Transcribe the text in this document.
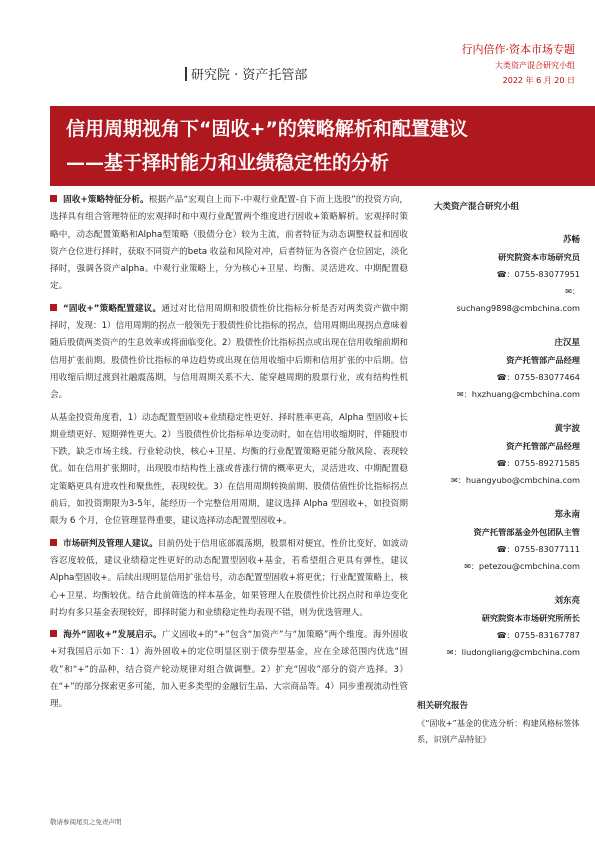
研究院 · 资产托管部
行内倍作·资本市场专题
大类资产混合研究小组
2022 年 6 月 20 日
信用周期视角下“固收+”的策略解析和配置建议
——基于择时能力和业绩稳定性的分析

固收+策略特征分析。根据产品“宏观自上而下-中观行业配置-自下而上选股”的投资方向，选择具有组合管理特征的宏观择时和中观行业配置两个维度进行固收+策略解析。宏观择时策略中，动态配置策略和Alpha型策略（股债分仓）较为主流，前者特征为动态调整权益和固收资产仓位进行择时，获取不同资产的beta 收益和风险对冲，后者特征为各资产仓位固定，淡化择时，强调各资产alpha。中观行业策略上，分为核心+卫星、均衡、灵活进攻、中期配置稳定。

“固收+”策略配置建议。通过对比信用周期和股债性价比指标分析是否对两类资产做中期择时，发现：1）信用周期的拐点一般领先于股债性价比指标的拐点，信用周期出现拐点意味着随后股债两类资产的生息效率或将面临变化。2）股债性价比指标拐点或出现在信用收缩前期和信用扩张前期。股债性价比指标的单边趋势或出现在信用收缩中后期和信用扩张的中后期。信用收缩后期过渡到社融震荡期，与信用周期关系不大、能穿越周期的股票行业，或有结构性机会。

从基金投资角度看，1）动态配置型固收+业绩稳定性更好、择时胜率更高，Alpha 型固收+长期业绩更好、短期弹性更大。2）当股债性价比指标单边变动时，如在信用收缩期时，伴随股市下跌，缺乏市场主线、行业轮动快，核心+卫星、均衡的行业配置策略更能分散风险、表现较优。如在信用扩张期时，出现股市结构性上涨或普涨行情的概率更大，灵活进攻、中期配置稳定策略更具有进攻性和聚焦性，表现较优。3）在信用周期转换前期、股债估值性价比指标拐点前后，如投资期限为3-5年，能经历一个完整信用周期，建议选择 Alpha 型固收+，如投资期限为 6 个月，仓位管理显得重要，建议选择动态配置型固收+。

市场研判及管理人建议。目前仍处于信用底部震荡期，股票相对便宜，性价比变好，如波动容忍度较低，建议业绩稳定性更好的动态配置型固收+基金，若希望组合更具有弹性，建议Alpha型固收+。后续出现明显信用扩张信号，动态配置型固收+将更优；行业配置策略上，核心+卫星、均衡较优。结合此前筛选的样本基金，如果管理人在股债性价比拐点时和单边变化时均有多只基金表现较好，即择时能力和业绩稳定性均表现不错，则为优选管理人。

海外“固收+”发展启示。广义固收+的“+”包含“加资产”与“加策略”两个维度。海外固收+对我国启示如下：1）海外固收+的定位明显区别于债券型基金，应在全球范围内优选“固收”和“+”的品种，结合资产轮动规律对组合做调整。2）扩充“固收”部分的资产选择。3）在“+”的部分探索更多可能，加入更多类型的金融衍生品、大宗商品等。4）同步重视流动性管理。

大类资产混合研究小组
苏畅
研究院资本市场研究员
☎：0755-83077951
✉：
suchang9898@cmbchina.com
庄汉星
资产托管部产品经理
☎：0755-83077464
✉：hxzhuang@cmbchina.com
黄宇波
资产托管部产品经理
☎：0755-89271585
✉：huangyubo@cmbchina.com
郑永南
资产托管部基金外包团队主管
☎：0755-83077111
✉：petezou@cmbchina.com
刘东亮
研究院资本市场研究所所长
☎：0755-83167787
✉：liudongliang@cmbchina.com
相关研究报告
《“固收+”基金的优选分析：构建风格标签体系，识别产品特征》
敬请参阅尾页之免责声明
